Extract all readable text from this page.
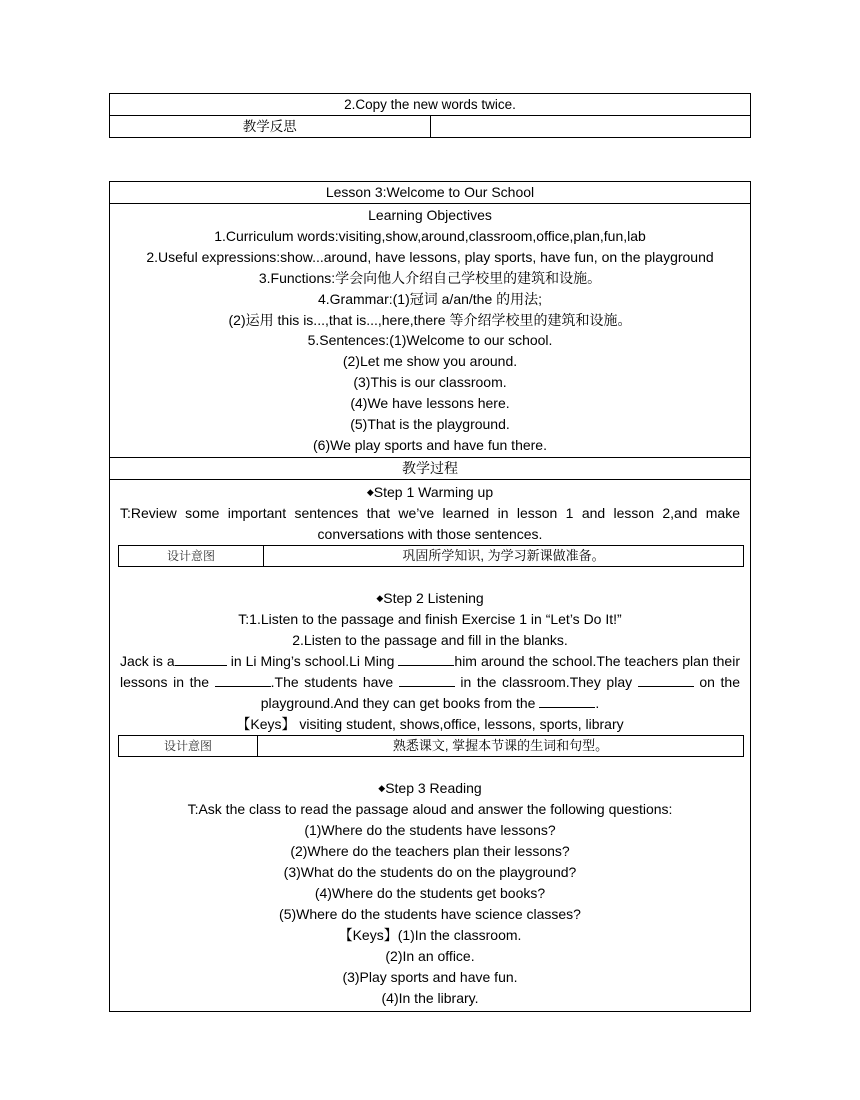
2.Copy the new words twice.
教学反思	
Lesson 3:Welcome to Our School

Learning Objectives
1.Curriculum words:visiting,show,around,classroom,office,plan,fun,lab
2.Useful expressions:show...around, have lessons, play sports, have fun, on the playground
3.Functions:学会向他人介绍自己学校里的建筑和设施。
4.Grammar:(1)冠词 a/an/the 的用法;
(2)运用 this is...,that is...,here,there 等介绍学校里的建筑和设施。
5.Sentences:(1)Welcome to our school.
(2)Let me show you around.
(3)This is our classroom.
(4)We have lessons here.
(5)That is the playground.
(6)We play sports and have fun there.

教学过程

◆Step 1 Warming up
T:Review some important sentences that we’ve learned in lesson 1 and lesson 2,and make conversations with those sentences.
设计意图	巩固所学知识, 为学习新课做准备。
◆Step 2 Listening
T:1.Listen to the passage and finish Exercise 1 in “Let’s Do It!”
2.Listen to the passage and fill in the blanks.
Jack is a	in Li Ming’s school.Li Ming	him around the school.The teachers plan their lessons in the	.The students have	in the classroom.They play	on the playground.And they can get books from the	.
【Keys】 visiting student, shows,office, lessons, sports, library
设计意图	熟悉课文, 掌握本节课的生词和句型。
◆Step 3 Reading
T:Ask the class to read the passage aloud and answer the following questions:
(1)Where do the students have lessons?
(2)Where do the teachers plan their lessons?
(3)What do the students do on the playground?
(4)Where do the students get books?
(5)Where do the students have science classes?
【Keys】(1)In the classroom.
(2)In an office.
(3)Play sports and have fun.
(4)In the library.
